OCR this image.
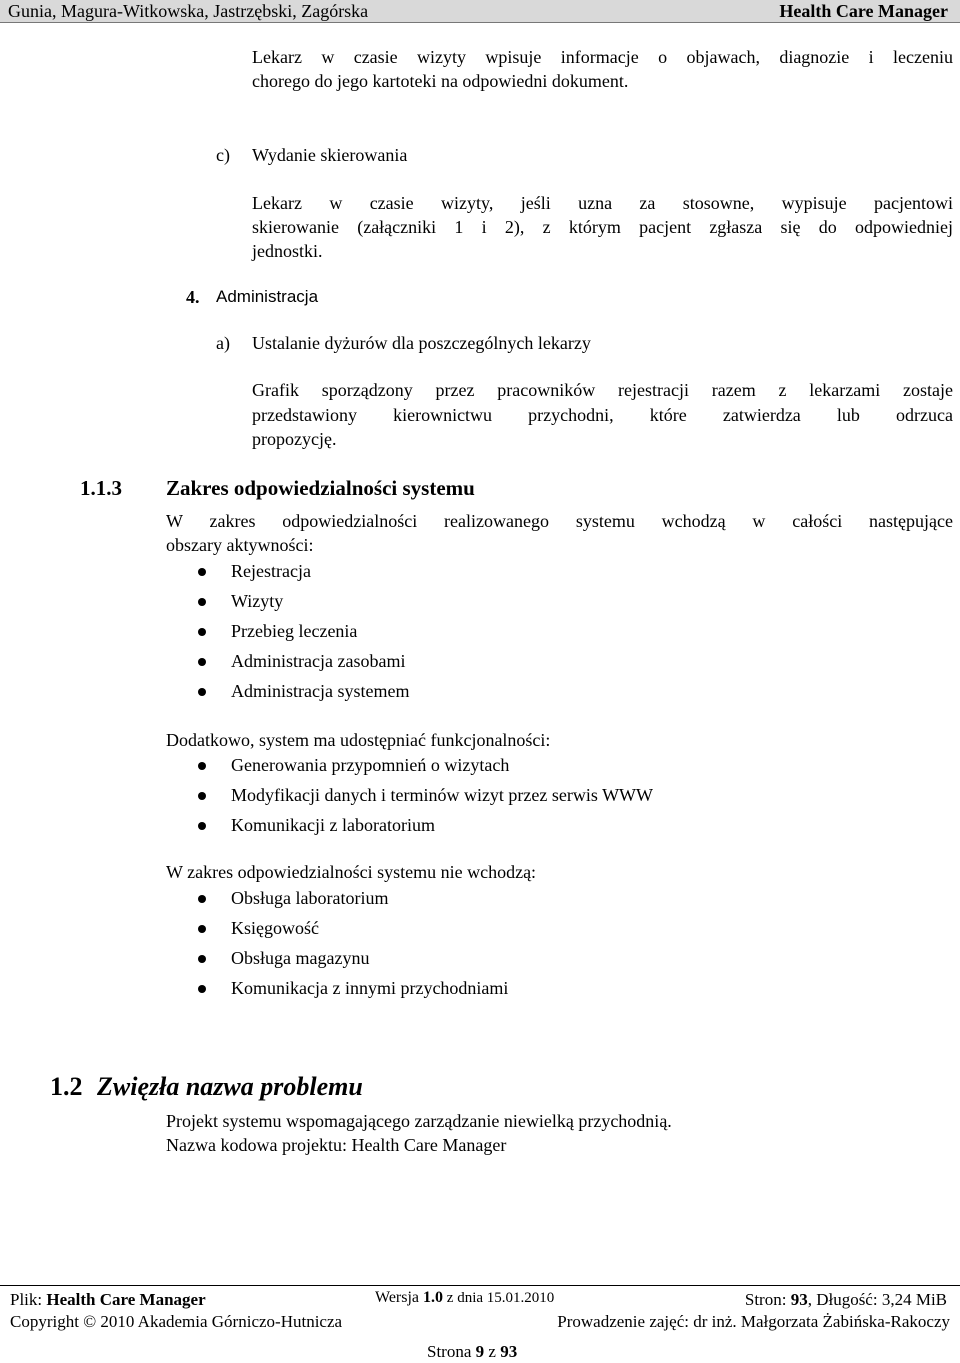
Gunia, Magura-Witkowska, Jastrzębski, Zagórska	Health Care Manager

Lekarz w czasie wizyty wpisuje informacje o objawach, diagnozie i leczeniu

chorego do jego kartoteki na odpowiedni dokument.

c) Wydanie skierowania

Lekarz w czasie wizyty, jeśli uzna za stosowne, wypisuje pacjentowi

skierowanie (załączniki 1 i 2), z którym pacjent zgłasza się do odpowiedniej

jednostki.

4. Administracja

a) Ustalanie dyżurów dla poszczególnych lekarzy

Grafik sporządzony przez pracowników rejestracji razem z lekarzami zostaje

przedstawiony kierownictwu przychodni, które zatwierdza lub odrzuca

propozycję.

1.1.3 Zakres odpowiedzialności systemu

W zakres odpowiedzialności realizowanego systemu wchodzą w całości następujące

obszary aktywności:

Rejestracja
Wizyty
Przebieg leczenia
Administracja zasobami
Administracja systemem

Dodatkowo, system ma udostępniać funkcjonalności:

Generowania przypomnień o wizytach
Modyfikacji danych i terminów wizyt przez serwis WWW
Komunikacji z laboratorium

W zakres odpowiedzialności systemu nie wchodzą:

Obsługa laboratorium
Księgowość
Obsługa magazynu
Komunikacja z innymi przychodniami

1.2 Zwięzła nazwa problemu

Projekt systemu wspomagającego zarządzanie niewielką przychodnią.

Nazwa kodowa projektu: Health Care Manager

Plik: Health Care Manager	Wersja 1.0 z dnia 15.01.2010	Stron: 93, Długość: 3,24 MiB

Copyright © 2010 Akademia Górniczo-Hutnicza	Prowadzenie zajęć: dr inż. Małgorzata Żabińska-Rakoczy

Strona 9 z 93
